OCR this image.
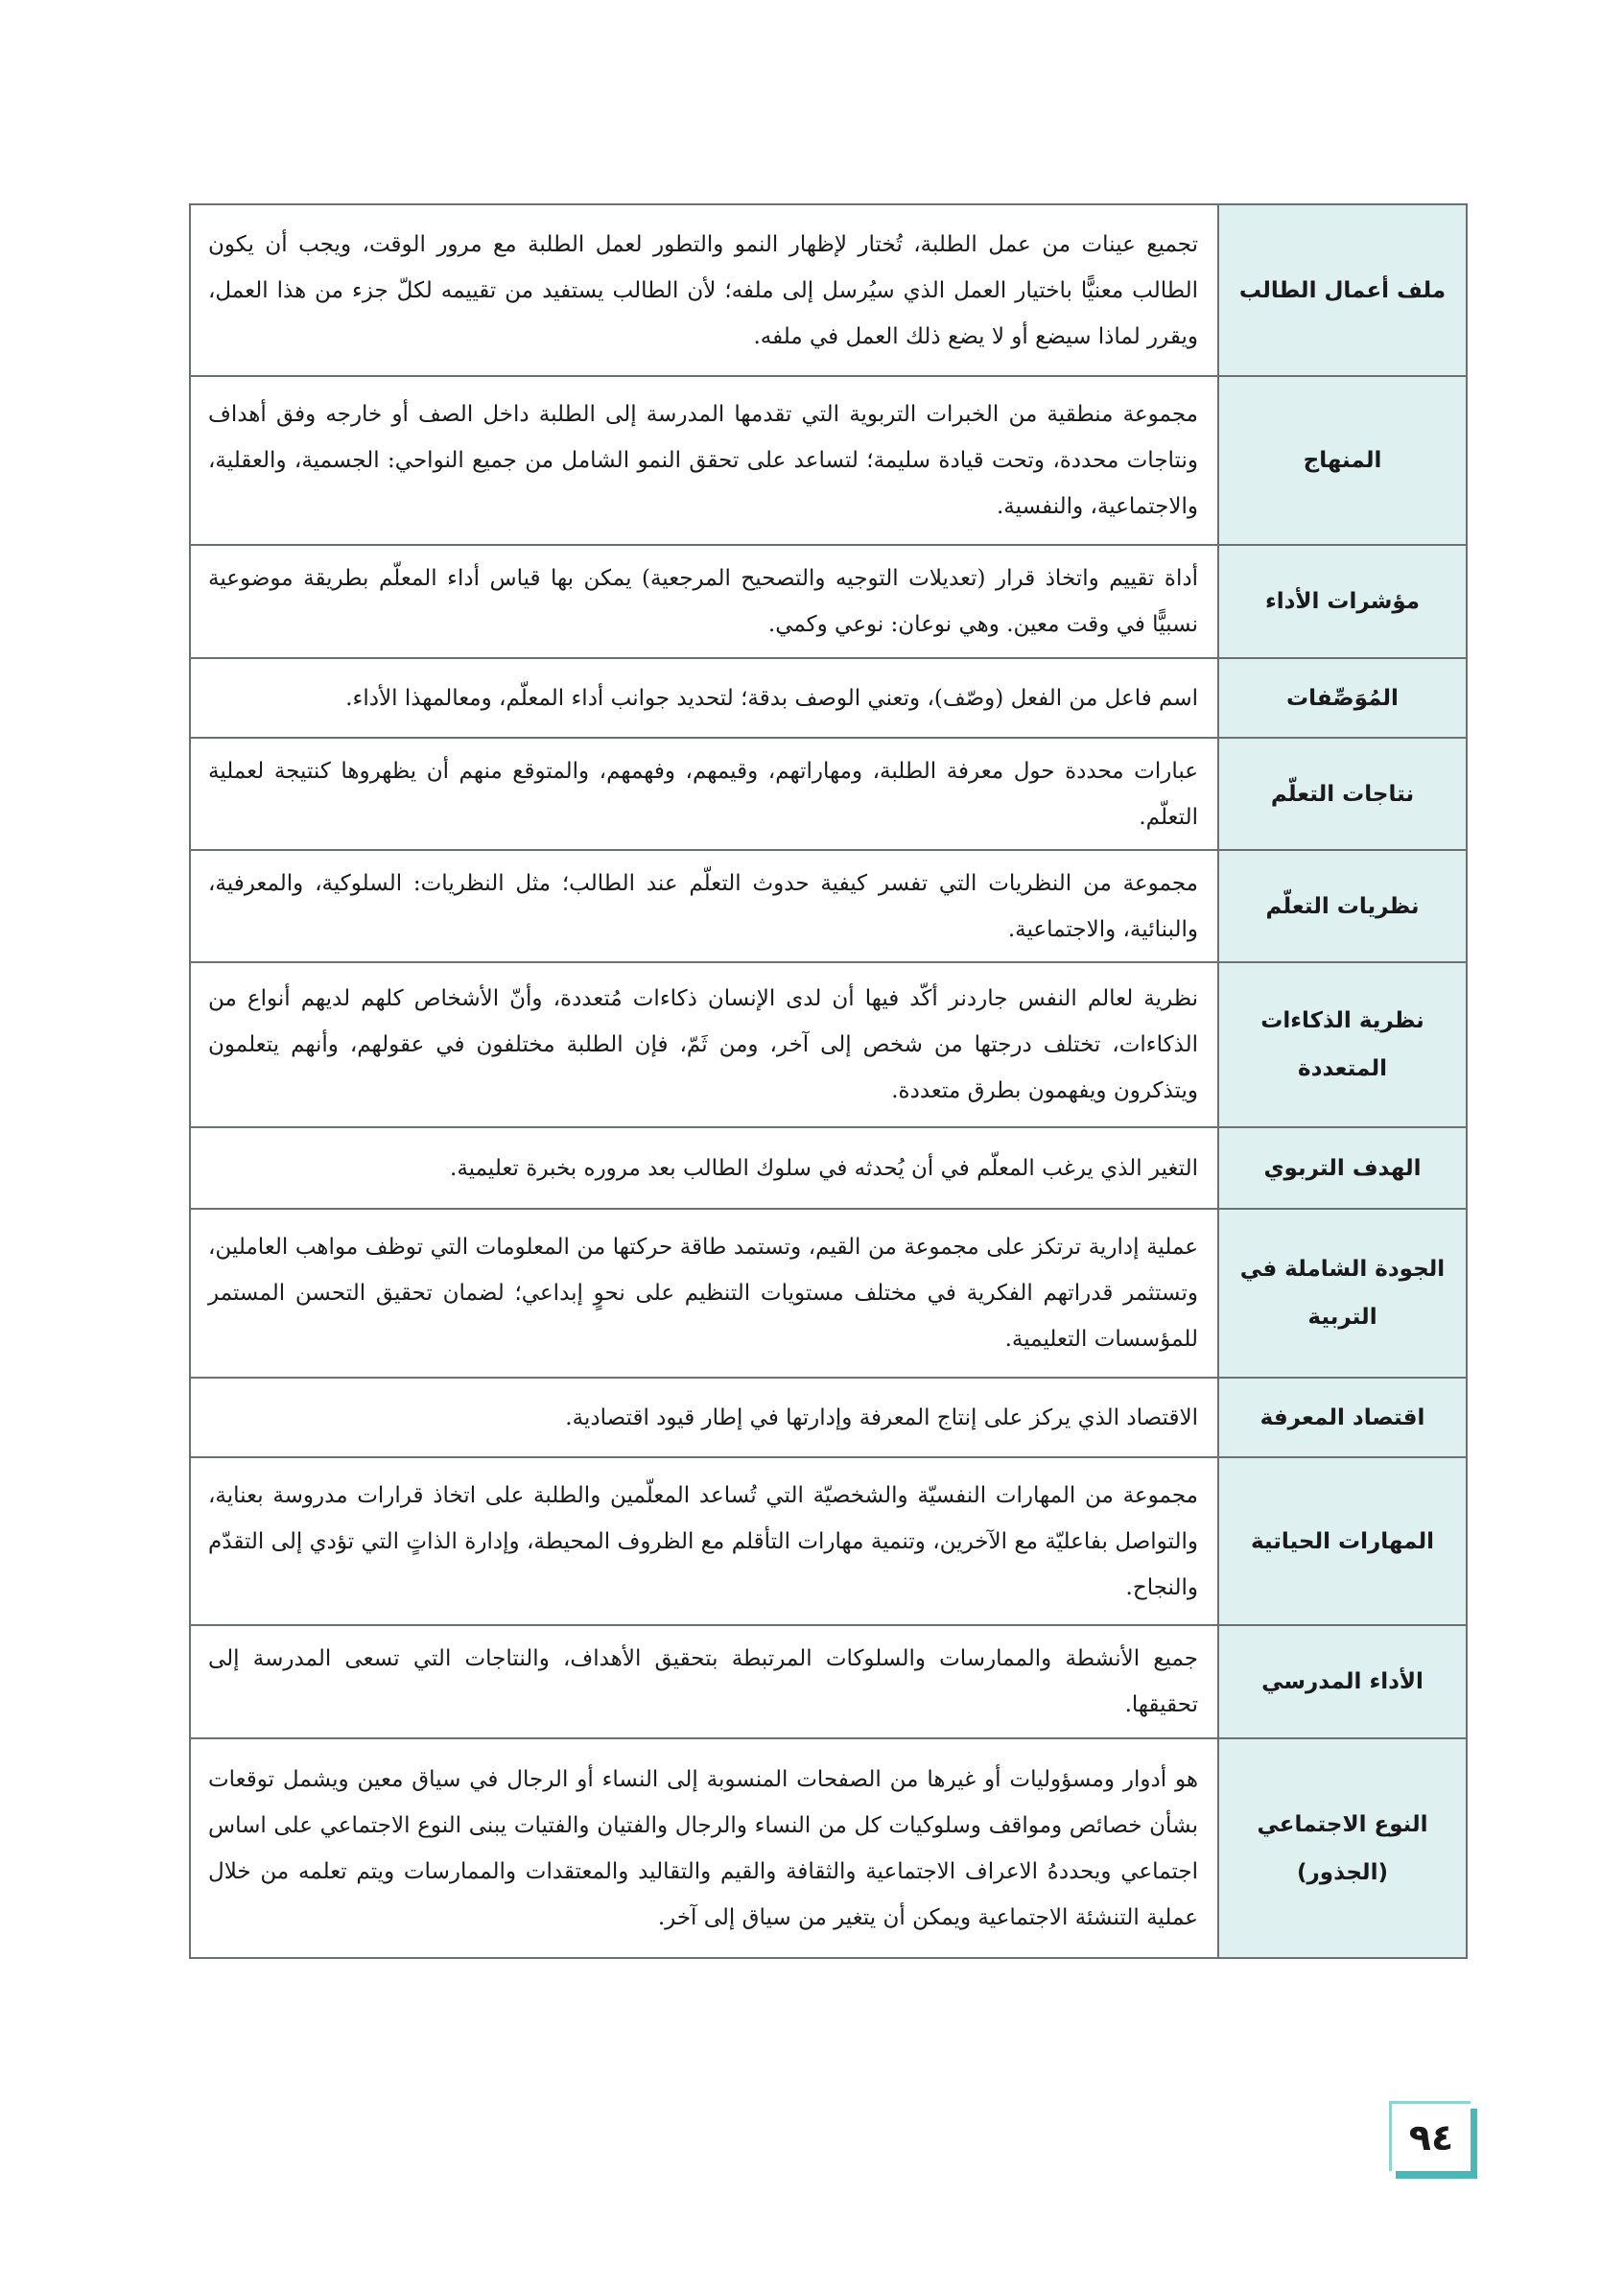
ملف أعمال الطالب	تجميع عينات من عمل الطلبة، تُختار لإظهار النمو والتطور لعمل الطلبة مع مرور الوقت، ويجب أن يكون الطالب معنيًّا باختيار العمل الذي سيُرسل إلى ملفه؛ لأن الطالب يستفيد من تقييمه لكلّ جزء من هذا العمل، ويقرر لماذا سيضع أو لا يضع ذلك العمل في ملفه.
المنهاج	مجموعة منطقية من الخبرات التربوية التي تقدمها المدرسة إلى الطلبة داخل الصف أو خارجه وفق أهداف ونتاجات محددة، وتحت قيادة سليمة؛ لتساعد على تحقق النمو الشامل من جميع النواحي: الجسمية، والعقلية، والاجتماعية، والنفسية.
مؤشرات الأداء	أداة تقييم واتخاذ قرار (تعديلات التوجيه والتصحيح المرجعية) يمكن بها قياس أداء المعلّم بطريقة موضوعية نسبيًّا في وقت معين. وهي نوعان: نوعي وكمي.
المُوَصِّفات	اسم فاعل من الفعل (وصّف)، وتعني الوصف بدقة؛ لتحديد جوانب أداء المعلّم، ومعالمهذا الأداء.
نتاجات التعلّم	عبارات محددة حول معرفة الطلبة، ومهاراتهم، وقيمهم، وفهمهم، والمتوقع منهم أن يظهروها كنتيجة لعملية التعلّم.
نظريات التعلّم	مجموعة من النظريات التي تفسر كيفية حدوث التعلّم عند الطالب؛ مثل النظريات: السلوكية، والمعرفية، والبنائية، والاجتماعية.
نظرية الذكاءات المتعددة	نظرية لعالم النفس جاردنر أكّد فيها أن لدى الإنسان ذكاءات مُتعددة، وأنّ الأشخاص كلهم لديهم أنواع من الذكاءات، تختلف درجتها من شخص إلى آخر، ومن ثَمّ، فإن الطلبة مختلفون في عقولهم، وأنهم يتعلمون ويتذكرون ويفهمون بطرق متعددة.
الهدف التربوي	التغير الذي يرغب المعلّم في أن يُحدثه في سلوك الطالب بعد مروره بخبرة تعليمية.
الجودة الشاملة في التربية	عملية إدارية ترتكز على مجموعة من القيم، وتستمد طاقة حركتها من المعلومات التي توظف مواهب العاملين، وتستثمر قدراتهم الفكرية في مختلف مستويات التنظيم على نحوٍ إبداعي؛ لضمان تحقيق التحسن المستمر للمؤسسات التعليمية.
اقتصاد المعرفة	الاقتصاد الذي يركز على إنتاج المعرفة وإدارتها في إطار قيود اقتصادية.
المهارات الحياتية	مجموعة من المهارات النفسيّة والشخصيّة التي تُساعد المعلّمين والطلبة على اتخاذ قرارات مدروسة بعناية، والتواصل بفاعليّة مع الآخرين، وتنمية مهارات التأقلم مع الظروف المحيطة، وإدارة الذاتٍ التي تؤدي إلى التقدّم والنجاح.
الأداء المدرسي	جميع الأنشطة والممارسات والسلوكات المرتبطة بتحقيق الأهداف، والنتاجات التي تسعى المدرسة إلى تحقيقها.
النوع الاجتماعي (الجذور)	هو أدوار ومسؤوليات أو غيرها من الصفحات المنسوبة إلى النساء أو الرجال في سياق معين ويشمل توقعات بشأن خصائص ومواقف وسلوكيات كل من النساء والرجال والفتيان والفتيات يبنى النوع الاجتماعي على اساس اجتماعي ويحددهُ الاعراف الاجتماعية والثقافة والقيم والتقاليد والمعتقدات والممارسات ويتم تعلمه من خلال عملية التنشئة الاجتماعية ويمكن أن يتغير من سياق إلى آخر.
٩٤
